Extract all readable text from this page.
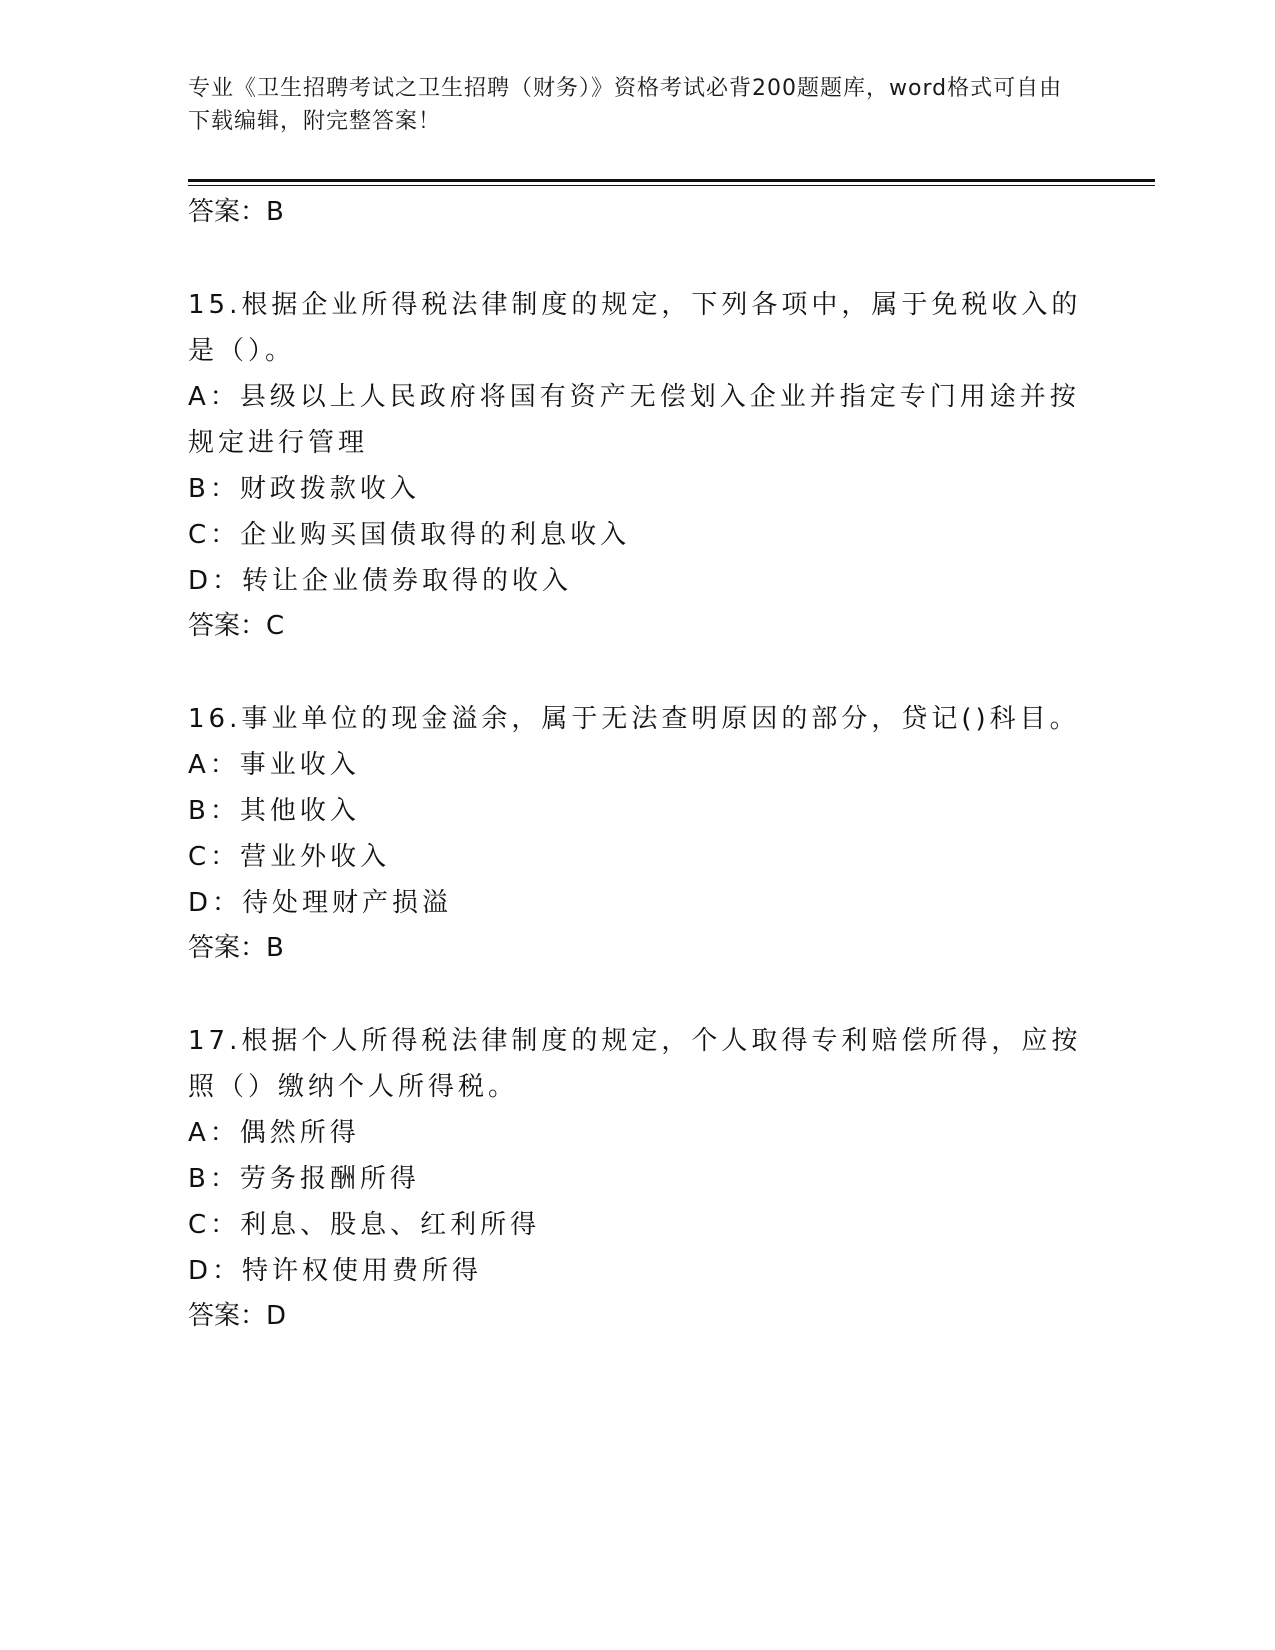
专业《卫生招聘考试之卫生招聘（财务）》资格考试必背200题题库，word格式可自由下载编辑，附完整答案！
答案：B
15.根据企业所得税法律制度的规定，下列各项中，属于免税收入的是（）。
A：县级以上人民政府将国有资产无偿划入企业并指定专门用途并按规定进行管理
B：财政拨款收入
C：企业购买国债取得的利息收入
D：转让企业债券取得的收入
答案：C
16.事业单位的现金溢余，属于无法查明原因的部分，贷记()科目。
A：事业收入
B：其他收入
C：营业外收入
D：待处理财产损溢
答案：B
17.根据个人所得税法律制度的规定，个人取得专利赔偿所得，应按照（）缴纳个人所得税。
A：偶然所得
B：劳务报酬所得
C：利息、股息、红利所得
D：特许权使用费所得
答案：D
